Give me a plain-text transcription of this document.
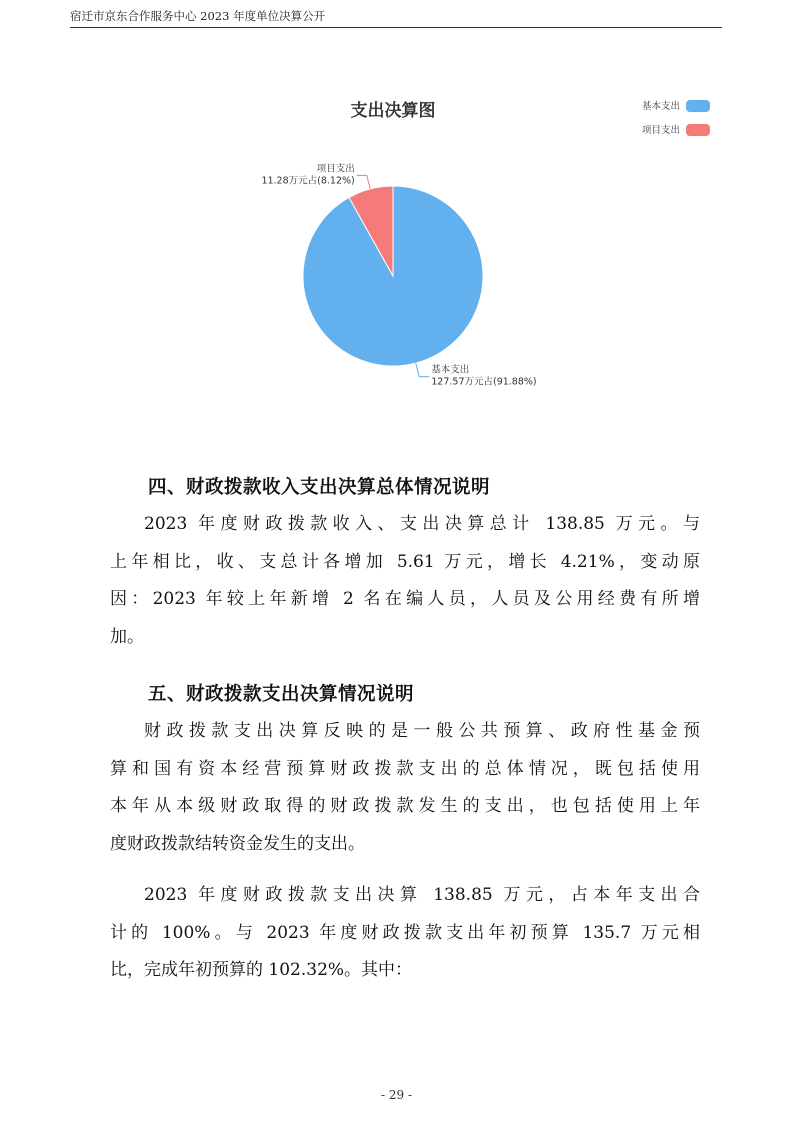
宿迁市京东合作服务中心 2023 年度单位决算公开
支出决算图	基本支出
项目支出
基本支出
127.57万元占(91.88%)
项目支出
11.28万元占(8.12%)
四、财政拨款收入支出决算总体情况说明
2023 年度财政拨款收入、支出决算总计 138.85 万元。与
上年相比，收、支总计各增加 5.61 万元，增长 4.21%，变动原
因：2023 年较上年新增 2 名在编人员，人员及公用经费有所增
加。
五、财政拨款支出决算情况说明
财政拨款支出决算反映的是一般公共预算、政府性基金预
算和国有资本经营预算财政拨款支出的总体情况，既包括使用
本年从本级财政取得的财政拨款发生的支出，也包括使用上年
度财政拨款结转资金发生的支出。
2023 年度财政拨款支出决算 138.85 万元，占本年支出合
计的 100%。与 2023 年度财政拨款支出年初预算 135.7 万元相
比，完成年初预算的 102.32%。其中：
- 29 -
